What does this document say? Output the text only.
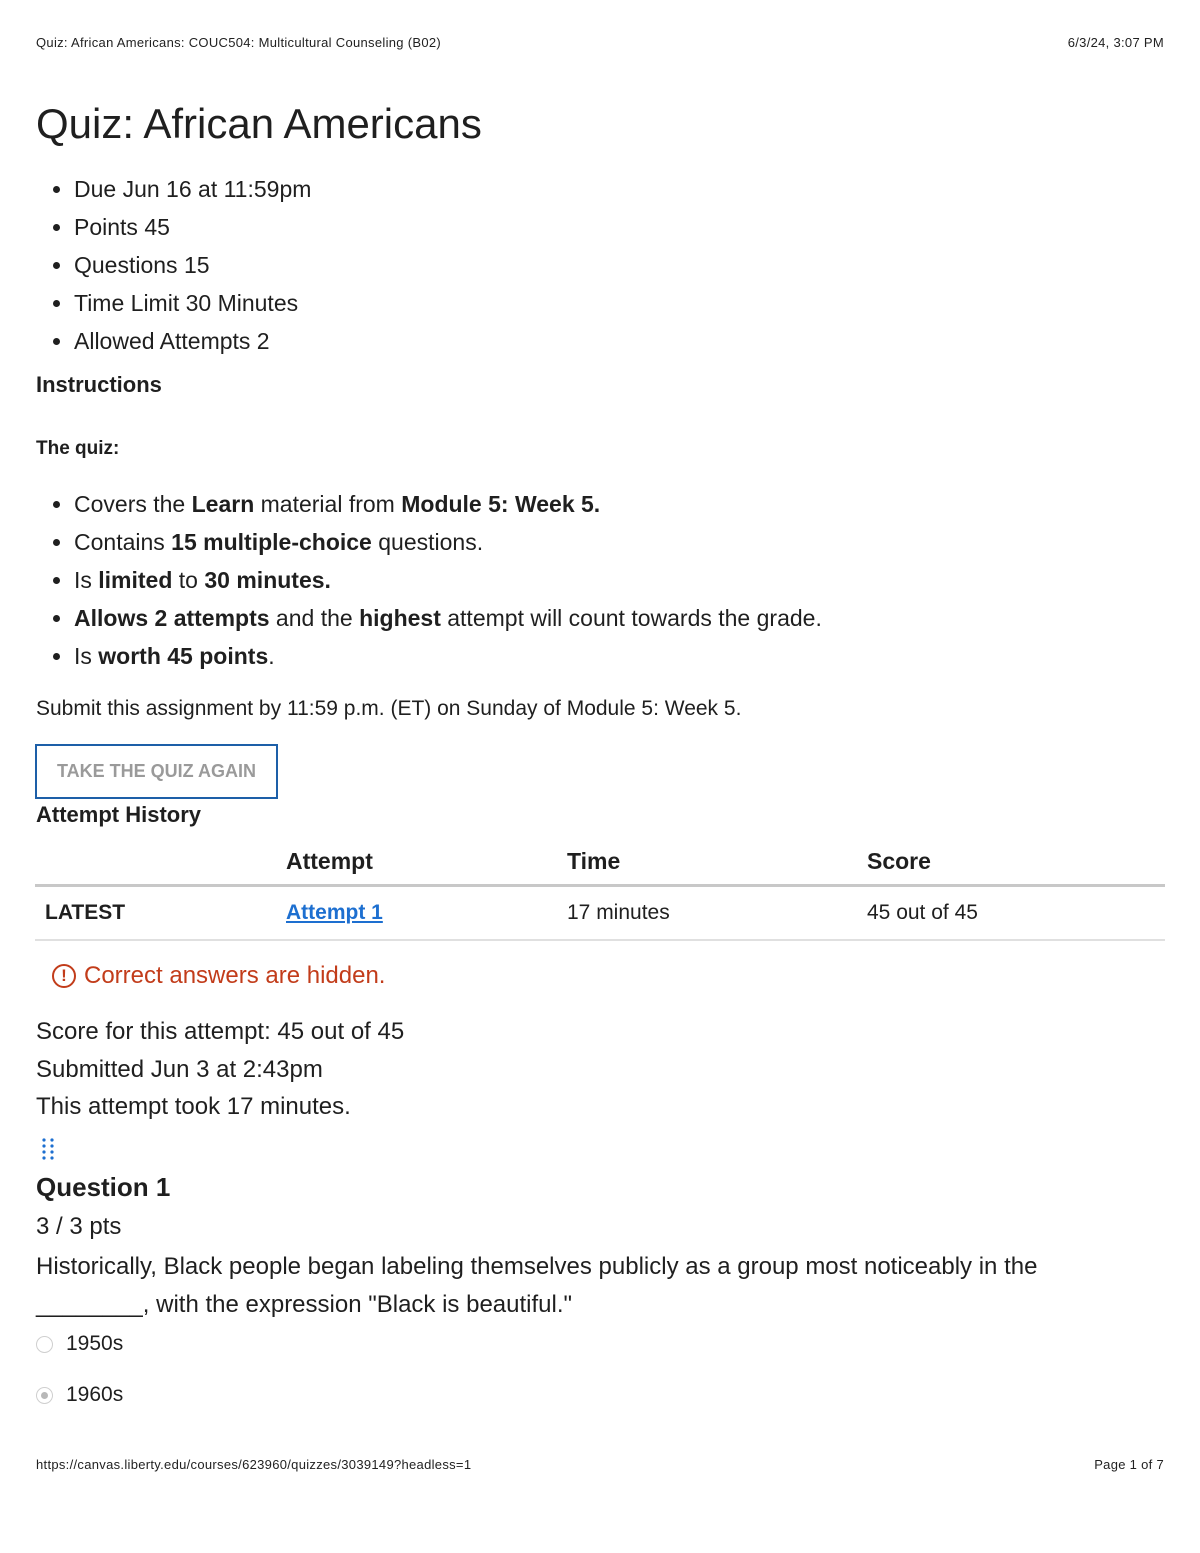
Quiz: African Americans: COUC504: Multicultural Counseling (B02)	6/3/24, 3:07 PM
Quiz: African Americans
• Due Jun 16 at 11:59pm
• Points 45
• Questions 15
• Time Limit 30 Minutes
• Allowed Attempts 2
Instructions
The quiz:
• Covers the Learn material from Module 5: Week 5.
• Contains 15 multiple-choice questions.
• Is limited to 30 minutes.
• Allows 2 attempts and the highest attempt will count towards the grade.
• Is worth 45 points.
Submit this assignment by 11:59 p.m. (ET) on Sunday of Module 5: Week 5.
TAKE THE QUIZ AGAIN
Attempt History
	Attempt	Time	Score
LATEST	Attempt 1	17 minutes	45 out of 45
! Correct answers are hidden.
Score for this attempt: 45 out of 45
Submitted Jun 3 at 2:43pm
This attempt took 17 minutes.
Question 1
3 / 3 pts
Historically, Black people began labeling themselves publicly as a group most noticeably in the ________, with the expression "Black is beautiful."
1950s
1960s
https://canvas.liberty.edu/courses/623960/quizzes/3039149?headless=1	Page 1 of 7
